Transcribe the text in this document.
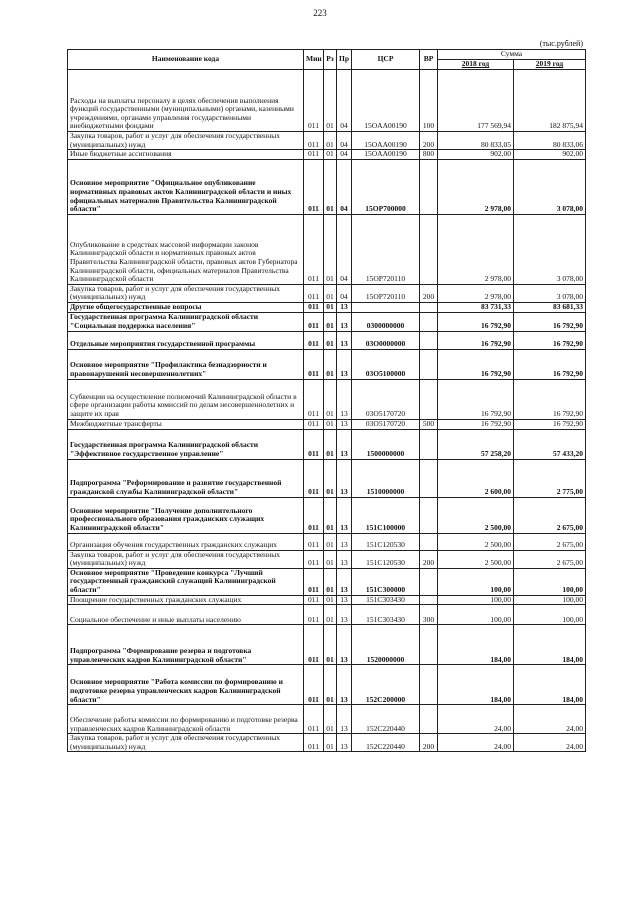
223
(тыс.рублей)
Наименование кода	Мин	Рз	Пр	ЦСР	ВР	Сумма	
						2018 год	2019 год
Расходы на выплаты персоналу в целях обеспечения выполнения функций государственными (муниципальными) органами, казенными учреждениями, органами управления государственными внебюджетными фондами	011	01	04	15OAA00190	100	177 569,94	182 875,94
Закупка товаров, работ и услуг для обеспечения государственных (муниципальных) нужд	011	01	04	15OAA00190	200	80 833,05	80 833,06
Иные бюджетные ассигнования	011	01	04	15OAA00190	800	902,00	902,00
Основное мероприятие "Официальное опубликование нормативных правовых актов Калининградской области и иных официальных материалов Правительства Калининградской области"	011	01	04	15OP700000		2 978,00	3 078,00
Опубликование в средствах массовой информации законов Калининградской области и нормативных правовых актов Правительства Калининградской области, правовых актов Губернатора Калининградской области, официальных материалов Правительства Калининградской области	011	01	04	15OP720110		2 978,00	3 078,00
Закупка товаров, работ и услуг для обеспечения государственных (муниципальных) нужд	011	01	04	15OP720110	200	2 978,00	3 078,00
Другие общегосударственные вопросы	011	01	13			83 731,33	83 681,33
Государственная программа Калининградской области "Социальная поддержка населения"	011	01	13	0300000000		16 792,90	16 792,90
Отдельные мероприятия государственной программы	011	01	13	03O0000000		16 792,90	16 792,90
Основное мероприятие "Профилактика безнадзорности и правонарушений несовершеннолетних"	011	01	13	03O5100000		16 792,90	16 792,90
Субвенции на осуществление полномочий Калининградской области в сфере организации работы комиссий по делам несовершеннолетних и защите их прав	011	01	13	03O5170720		16 792,90	16 792,90
Межбюджетные трансферты	011	01	13	03O5170720	500	16 792,90	16 792,90
Государственная программа Калининградской области "Эффективное государственное управление"	011	01	13	1500000000		57 258,20	57 433,20
Подпрограмма "Реформирование и развитие государственной гражданской службы Калининградской области"	011	01	13	1510000000		2 600,00	2 775,00
Основное мероприятие "Получение дополнительного профессионального образования гражданских служащих Калининградской области"	011	01	13	151C100000		2 500,00	2 675,00
Организация обучения государственных гражданских служащих	011	01	13	151C120530		2 500,00	2 675,00
Закупка товаров, работ и услуг для обеспечения государственных (муниципальных) нужд	011	01	13	151C120530	200	2 500,00	2 675,00
Основное мероприятие "Проведение конкурса "Лучший государственный гражданский служащий Калининградской области"	011	01	13	151C300000		100,00	100,00
Поощрение государственных гражданских служащих	011	01	13	151C303430		100,00	100,00
Социальное обеспечение и иные выплаты населению	011	01	13	151C303430	300	100,00	100,00
Подпрограмма "Формирование резерва и подготовка управленческих кадров Калининградской области"	011	01	13	1520000000		184,00	184,00
Основное мероприятие "Работа комиссии по формированию и подготовке резерва управленческих кадров Калининградской области"	011	01	13	152C200000		184,00	184,00
Обеспечение работы комиссии по формированию и подготовке резерва управленческих кадров Калининградской области	011	01	13	152C220440		24,00	24,00
Закупка товаров, работ и услуг для обеспечения государственных (муниципальных) нужд	011	01	13	152C220440	200	24,00	24,00
